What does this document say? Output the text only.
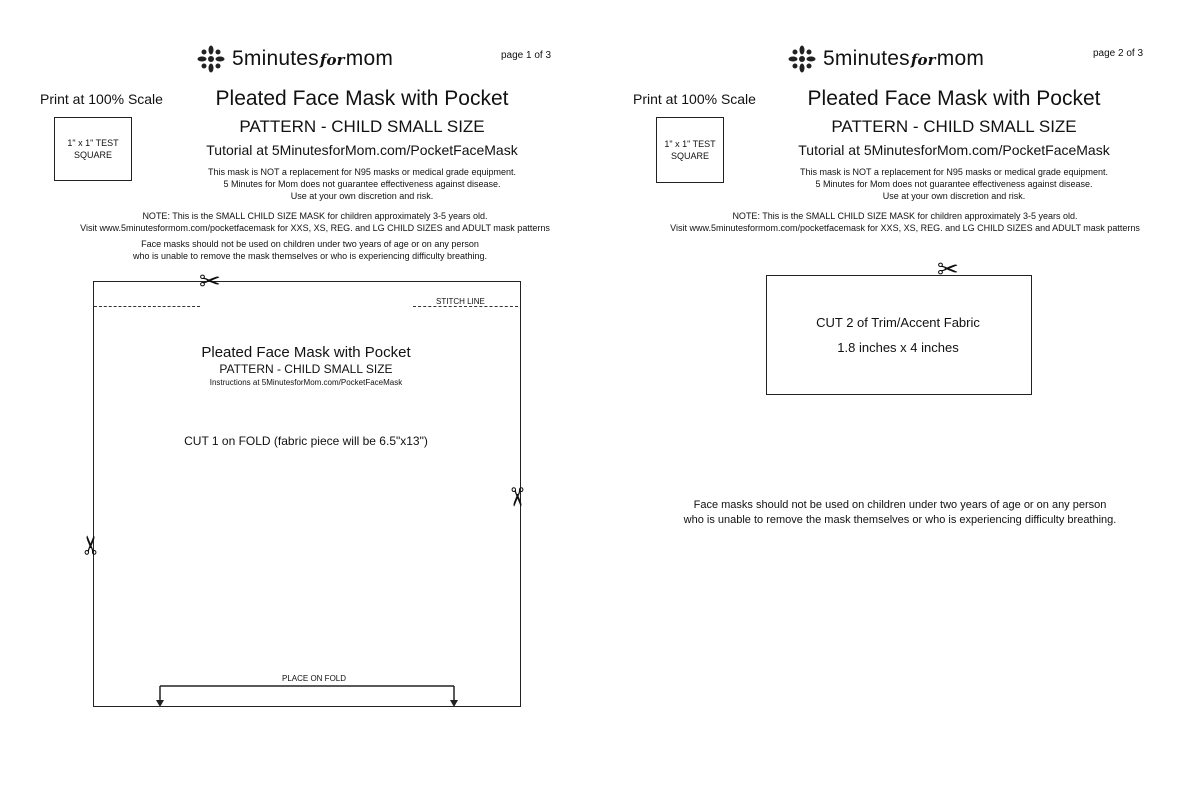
5minutesformom	page 1 of 3
Print at 100% Scale
1" x 1" TEST
SQUARE
Pleated Face Mask with Pocket
PATTERN - CHILD SMALL SIZE
Tutorial at 5MinutesforMom.com/PocketFaceMask
This mask is NOT a replacement for N95 masks or medical grade equipment.
5 Minutes for Mom does not guarantee effectiveness against disease.
Use at your own discretion and risk.
NOTE: This is the SMALL CHILD SIZE MASK for children approximately 3-5 years old.
Visit www.5minutesformom.com/pocketfacemask for XXS, XS, REG. and LG CHILD SIZES and ADULT mask patterns
Face masks should not be used on children under two years of age or on any person
who is unable to remove the mask themselves or who is experiencing difficulty breathing.
STITCH LINE
✂
✂
✂
Pleated Face Mask with Pocket
PATTERN - CHILD SMALL SIZE
Instructions at 5MinutesforMom.com/PocketFaceMask
CUT 1 on FOLD (fabric piece will be 6.5"x13")
PLACE ON FOLD
5minutesformom	page 2 of 3
Print at 100% Scale
1" x 1" TEST
SQUARE
Pleated Face Mask with Pocket
PATTERN - CHILD SMALL SIZE
Tutorial at 5MinutesforMom.com/PocketFaceMask
This mask is NOT a replacement for N95 masks or medical grade equipment.
5 Minutes for Mom does not guarantee effectiveness against disease.
Use at your own discretion and risk.
NOTE: This is the SMALL CHILD SIZE MASK for children approximately 3-5 years old.
Visit www.5minutesformom.com/pocketfacemask for XXS, XS, REG. and LG CHILD SIZES and ADULT mask patterns
✂
CUT 2 of Trim/Accent Fabric
1.8 inches x 4 inches
Face masks should not be used on children under two years of age or on any person
who is unable to remove the mask themselves or who is experiencing difficulty breathing.
